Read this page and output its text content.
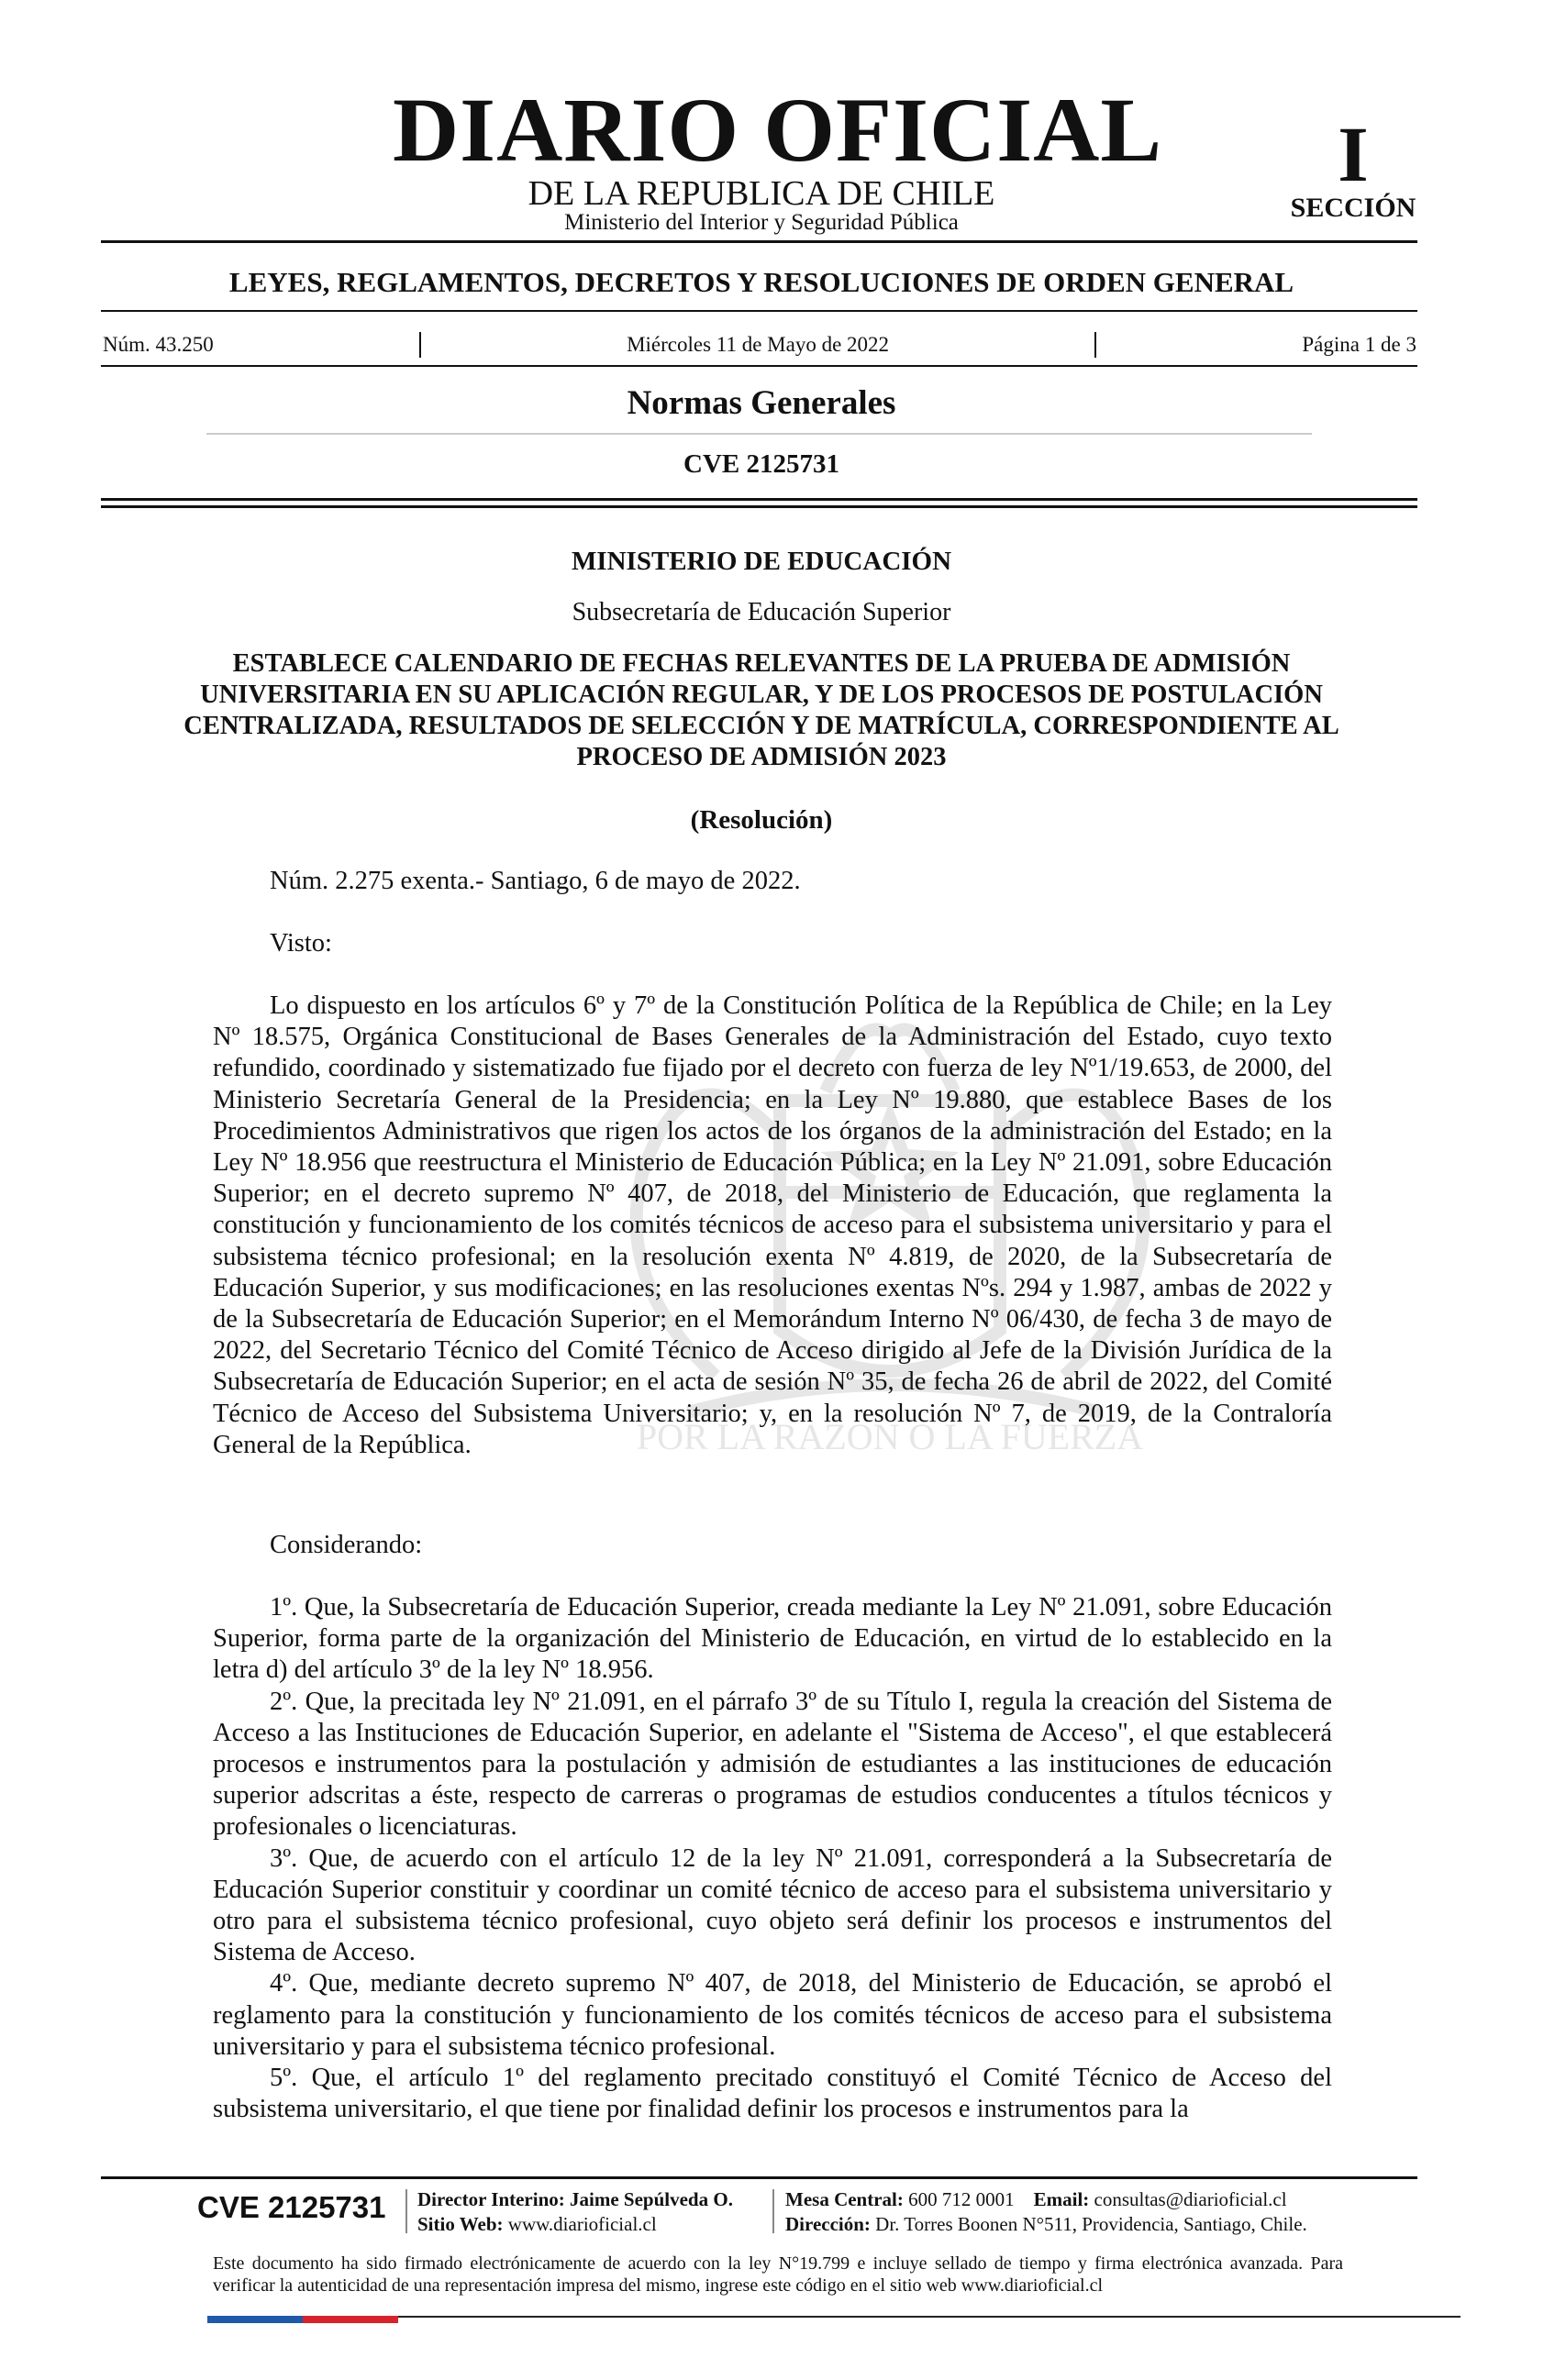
DIARIO OFICIAL
DE LA REPUBLICA DE CHILE
Ministerio del Interior y Seguridad Pública
I
SECCIÓN
LEYES, REGLAMENTOS, DECRETOS Y RESOLUCIONES DE ORDEN GENERAL
Núm. 43.250	Miércoles 11 de Mayo de 2022	Página 1 de 3
Normas Generales
CVE 2125731
POR LA RAZON O LA FUERZA
MINISTERIO DE EDUCACIÓN
Subsecretaría de Educación Superior
ESTABLECE CALENDARIO DE FECHAS RELEVANTES DE LA PRUEBA DE ADMISIÓN UNIVERSITARIA EN SU APLICACIÓN REGULAR, Y DE LOS PROCESOS DE POSTULACIÓN CENTRALIZADA, RESULTADOS DE SELECCIÓN Y DE MATRÍCULA, CORRESPONDIENTE AL PROCESO DE ADMISIÓN 2023
(Resolución)
Núm. 2.275 exenta.- Santiago, 6 de mayo de 2022.
Visto:

Lo dispuesto en los artículos 6º y 7º de la Constitución Política de la República de Chile; en la Ley Nº 18.575, Orgánica Constitucional de Bases Generales de la Administración del Estado, cuyo texto refundido, coordinado y sistematizado fue fijado por el decreto con fuerza de ley Nº1/19.653, de 2000, del Ministerio Secretaría General de la Presidencia; en la Ley Nº 19.880, que establece Bases de los Procedimientos Administrativos que rigen los actos de los órganos de la administración del Estado; en la Ley Nº 18.956 que reestructura el Ministerio de Educación Pública; en la Ley Nº 21.091, sobre Educación Superior; en el decreto supremo Nº 407, de 2018, del Ministerio de Educación, que reglamenta la constitución y funcionamiento de los comités técnicos de acceso para el subsistema universitario y para el subsistema técnico profesional; en la resolución exenta Nº 4.819, de 2020, de la Subsecretaría de Educación Superior, y sus modificaciones; en las resoluciones exentas Nºs. 294 y 1.987, ambas de 2022 y de la Subsecretaría de Educación Superior; en el Memorándum Interno Nº 06/430, de fecha 3 de mayo de 2022, del Secretario Técnico del Comité Técnico de Acceso dirigido al Jefe de la División Jurídica de la Subsecretaría de Educación Superior; en el acta de sesión Nº 35, de fecha 26 de abril de 2022, del Comité Técnico de Acceso del Subsistema Universitario; y, en la resolución Nº 7, de 2019, de la Contraloría General de la República.

Considerando:

1º. Que, la Subsecretaría de Educación Superior, creada mediante la Ley Nº 21.091, sobre Educación Superior, forma parte de la organización del Ministerio de Educación, en virtud de lo establecido en la letra d) del artículo 3º de la ley Nº 18.956.

2º. Que, la precitada ley Nº 21.091, en el párrafo 3º de su Título I, regula la creación del Sistema de Acceso a las Instituciones de Educación Superior, en adelante el "Sistema de Acceso", el que establecerá procesos e instrumentos para la postulación y admisión de estudiantes a las instituciones de educación superior adscritas a éste, respecto de carreras o programas de estudios conducentes a títulos técnicos y profesionales o licenciaturas.

3º. Que, de acuerdo con el artículo 12 de la ley Nº 21.091, corresponderá a la Subsecretaría de Educación Superior constituir y coordinar un comité técnico de acceso para el subsistema universitario y otro para el subsistema técnico profesional, cuyo objeto será definir los procesos e instrumentos del Sistema de Acceso.

4º. Que, mediante decreto supremo Nº 407, de 2018, del Ministerio de Educación, se aprobó el reglamento para la constitución y funcionamiento de los comités técnicos de acceso para el subsistema universitario y para el subsistema técnico profesional.

5º. Que, el artículo 1º del reglamento precitado constituyó el Comité Técnico de Acceso del subsistema universitario, el que tiene por finalidad definir los procesos e instrumentos para la

CVE 2125731	Director Interino: Jaime Sepúlveda O.
Sitio Web: www.diarioficial.cl
Mesa Central: 600 712 0001 Email: consultas@diarioficial.cl
Dirección: Dr. Torres Boonen N°511, Providencia, Santiago, Chile.
Este documento ha sido firmado electrónicamente de acuerdo con la ley N°19.799 e incluye sellado de tiempo y firma electrónica avanzada. Para verificar la autenticidad de una representación impresa del mismo, ingrese este código en el sitio web www.diarioficial.cl
